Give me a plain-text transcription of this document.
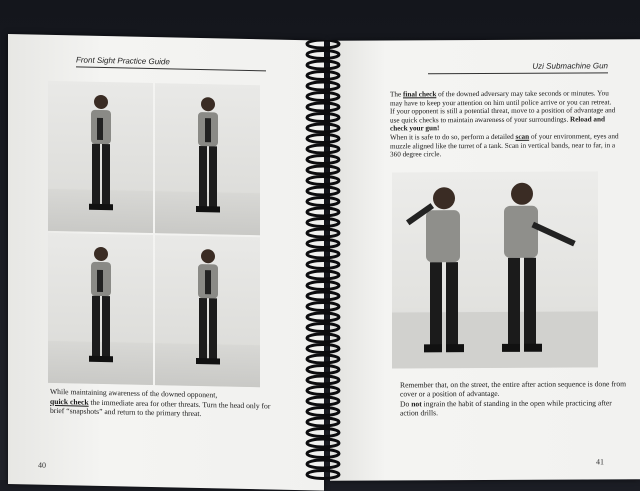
Front Sight Practice Guide
While maintaining awareness of the downed opponent,
quick check the immediate area for other threats. Turn the head only for brief “snapshots” and return to the primary threat.
40
Uzi Submachine Gun

The final check of the downed adversary may take seconds or minutes. You may have to keep your attention on him until police arrive or you can retreat.

If your opponent is still a potential threat, move to a position of advantage and use quick checks to maintain awareness of your surroundings. Reload and check your gun!

When it is safe to do so, perform a detailed scan of your environment, eyes and muzzle aligned like the turret of a tank. Scan in vertical bands, near to far, in a 360 degree circle.

Remember that, on the street, the entire after action sequence is done from cover or a position of advantage.

Do not ingrain the habit of standing in the open while practicing after action drills.

41
